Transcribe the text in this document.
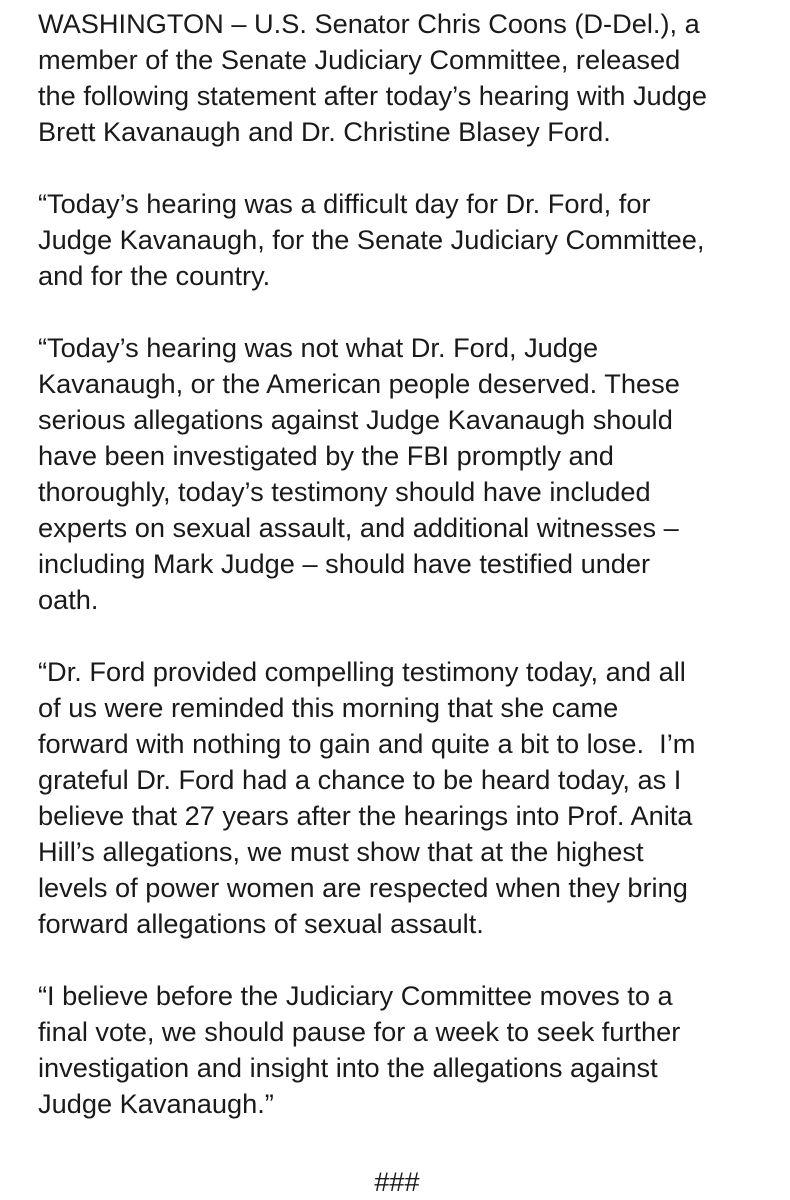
WASHINGTON – U.S. Senator Chris Coons (D-Del.), a
member of the Senate Judiciary Committee, released
the following statement after today’s hearing with Judge
Brett Kavanaugh and Dr. Christine Blasey Ford.

“Today’s hearing was a difficult day for Dr. Ford, for
Judge Kavanaugh, for the Senate Judiciary Committee,
and for the country.

“Today’s hearing was not what Dr. Ford, Judge
Kavanaugh, or the American people deserved. These
serious allegations against Judge Kavanaugh should
have been investigated by the FBI promptly and
thoroughly, today’s testimony should have included
experts on sexual assault, and additional witnesses –
including Mark Judge – should have testified under
oath.

“Dr. Ford provided compelling testimony today, and all
of us were reminded this morning that she came
forward with nothing to gain and quite a bit to lose.  I’m
grateful Dr. Ford had a chance to be heard today, as I
believe that 27 years after the hearings into Prof. Anita
Hill’s allegations, we must show that at the highest
levels of power women are respected when they bring
forward allegations of sexual assault.

“I believe before the Judiciary Committee moves to a
final vote, we should pause for a week to seek further
investigation and insight into the allegations against
Judge Kavanaugh.”

###
